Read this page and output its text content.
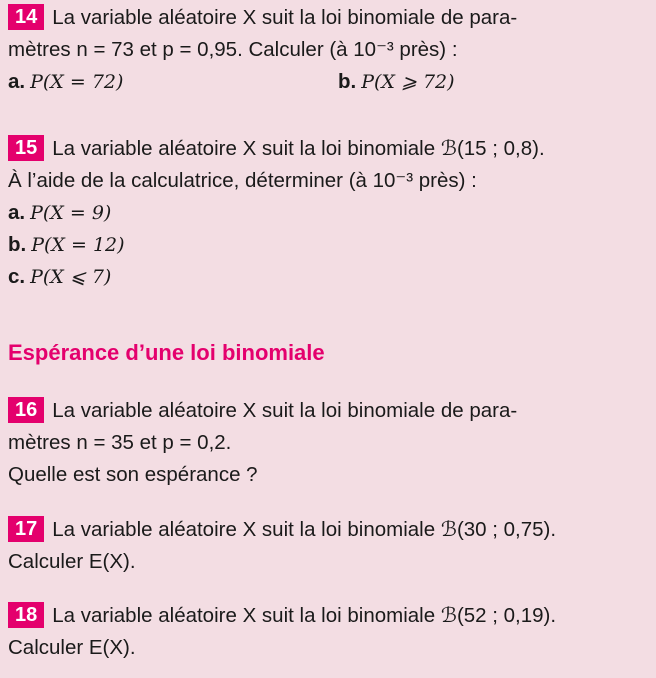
14 La variable aléatoire X suit la loi binomiale de para-
mètres n = 73 et p = 0,95. Calculer (à 10⁻³ près) :
a. P(X = 72)	b. P(X ⩾ 72)
15 La variable aléatoire X suit la loi binomiale ℬ(15 ; 0,8).
À l’aide de la calculatrice, déterminer (à 10⁻³ près) :
a. P(X = 9)
b. P(X = 12)
c. P(X ⩽ 7)
Espérance d’une loi binomiale
16 La variable aléatoire X suit la loi binomiale de para-
mètres n = 35 et p = 0,2.
Quelle est son espérance ?
17 La variable aléatoire X suit la loi binomiale ℬ(30 ; 0,75).
Calculer E(X).
18 La variable aléatoire X suit la loi binomiale ℬ(52 ; 0,19).
Calculer E(X).
